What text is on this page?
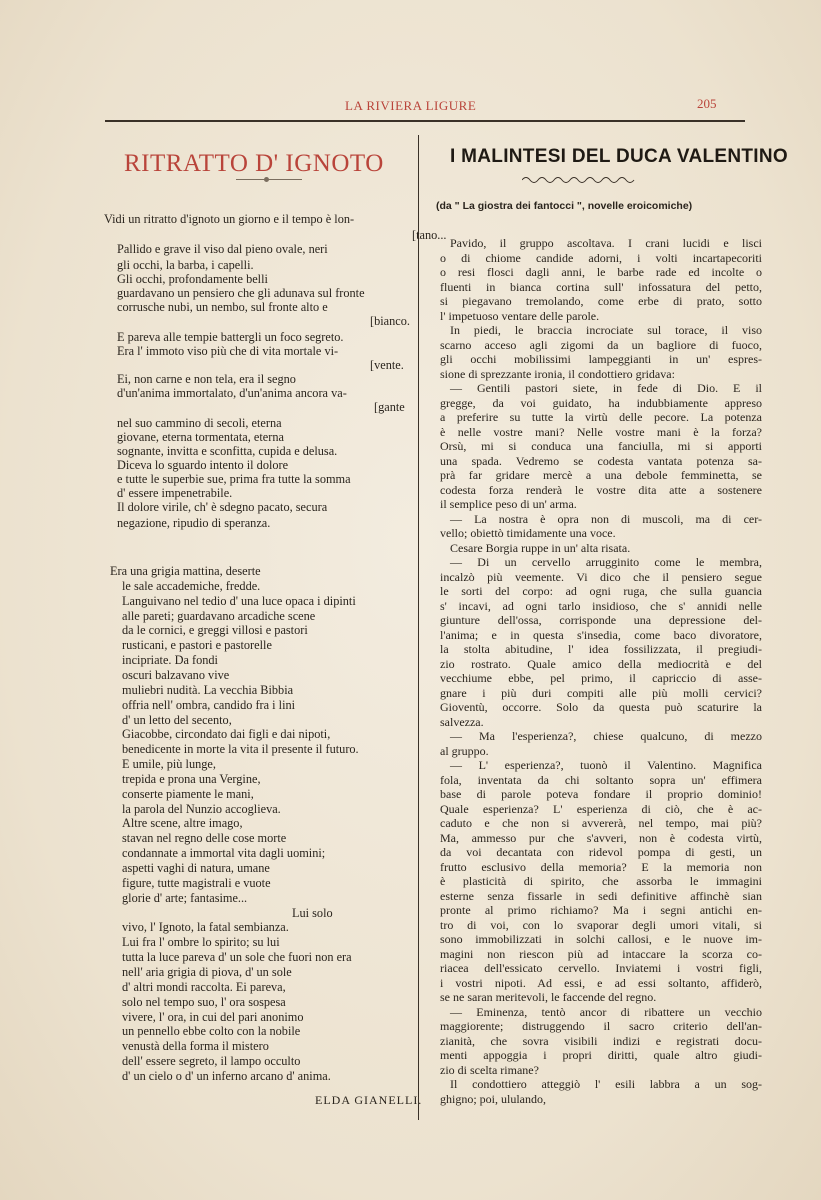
LA RIVIERA LIGURE	205
RITRATTO D' IGNOTO
Vidi un ritratto d'ignoto un giorno e il tempo è lon-
[tano...
Pallido e grave il viso dal pieno ovale, neri
gli occhi, la barba, i capelli.
Gli occhi, profondamente belli
guardavano un pensiero che gli adunava sul fronte
corrusche nubi, un nembo, sul fronte alto e
[bianco.
E pareva alle tempie battergli un foco segreto.
Era l' immoto viso più che di vita mortale vi-
[vente.
Ei, non carne e non tela, era il segno
d'un'anima immortalato, d'un'anima ancora va-
[gante
nel suo cammino di secoli, eterna
giovane, eterna tormentata, eterna
sognante, invitta e sconfitta, cupida e delusa.
Diceva lo sguardo intento il dolore
e tutte le superbie sue, prima fra tutte la somma
d' essere impenetrabile.
Il dolore virile, ch' è sdegno pacato, secura
negazione, ripudio di speranza.
Era una grigia mattina, deserte
le sale accademiche, fredde.
Languivano nel tedio d' una luce opaca i dipinti
alle pareti; guardavano arcadiche scene
da le cornici, e greggi villosi e pastori
rusticani, e pastori e pastorelle
incipriate. Da fondi
oscuri balzavano vive
muliebri nudità. La vecchia Bibbia
offria nell' ombra, candido fra i lini
d' un letto del secento,
Giacobbe, circondato dai figli e dai nipoti,
benedicente in morte la vita il presente il futuro.
E umile, più lunge,
trepida e prona una Vergine,
conserte piamente le mani,
la parola del Nunzio accoglieva.
Altre scene, altre imago,
stavan nel regno delle cose morte
condannate a immortal vita dagli uomini;
aspetti vaghi di natura, umane
figure, tutte magistrali e vuote
glorie d' arte; fantasime...
Lui solo
vivo, l' Ignoto, la fatal sembianza.
Lui fra l' ombre lo spirito; su lui
tutta la luce pareva d' un sole che fuori non era
nell' aria grigia di piova, d' un sole
d' altri mondi raccolta. Ei pareva,
solo nel tempo suo, l' ora sospesa
vivere, l' ora, in cui del pari anonimo
un pennello ebbe colto con la nobile
venustà della forma il mistero
dell' essere segreto, il lampo occulto
d' un cielo o d' un inferno arcano d' anima.
ELDA GIANELLI.
I MALINTESI DEL DUCA VALENTINO
(da " La giostra dei fantocci ", novelle eroicomiche)
Pavido, il gruppo ascoltava. I crani lucidi e lisci
o di chiome candide adorni, i volti incartapecoriti
o resi flosci dagli anni, le barbe rade ed incolte o
fluenti in bianca cortina sull' infossatura del petto,
si piegavano tremolando, come erbe di prato, sotto
l' impetuoso ventare delle parole.
In piedi, le braccia incrociate sul torace, il viso
scarno acceso agli zigomi da un bagliore di fuoco,
gli occhi mobilissimi lampeggianti in un' espres-
sione di sprezzante ironia, il condottiero gridava:
— Gentili pastori siete, in fede di Dio. E il
gregge, da voi guidato, ha indubbiamente appreso
a preferire su tutte la virtù delle pecore. La potenza
è nelle vostre mani? Nelle vostre mani è la forza?
Orsù, mi si conduca una fanciulla, mi si apporti
una spada. Vedremo se codesta vantata potenza sa-
prà far gridare mercè a una debole femminetta, se
codesta forza renderà le vostre dita atte a sostenere
il semplice peso di un' arma.
— La nostra è opra non di muscoli, ma di cer-
vello; obiettò timidamente una voce.
Cesare Borgia ruppe in un' alta risata.
— Di un cervello arrugginito come le membra,
incalzò più veemente. Vi dico che il pensiero segue
le sorti del corpo: ad ogni ruga, che sulla guancia
s' incavi, ad ogni tarlo insidioso, che s' annidi nelle
giunture dell'ossa, corrisponde una depressione del-
l'anima; e in questa s'insedia, come baco divoratore,
la stolta abitudine, l' idea fossilizzata, il pregiudi-
zio rostrato. Quale amico della mediocrità e del
vecchiume ebbe, pel primo, il capriccio di asse-
gnare i più duri compiti alle più molli cervici?
Gioventù, occorre. Solo da questa può scaturire la
salvezza.
— Ma l'esperienza?, chiese qualcuno, di mezzo
al gruppo.
— L' esperienza?, tuonò il Valentino. Magnifica
fola, inventata da chi soltanto sopra un' effimera
base di parole poteva fondare il proprio dominio!
Quale esperienza? L' esperienza di ciò, che è ac-
caduto e che non si avvererà, nel tempo, mai più?
Ma, ammesso pur che s'avveri, non è codesta virtù,
da voi decantata con ridevol pompa di gesti, un
frutto esclusivo della memoria? E la memoria non
è plasticità di spirito, che assorba le immagini
esterne senza fissarle in sedi definitive affinchè sian
pronte al primo richiamo? Ma i segni antichi en-
tro di voi, con lo svaporar degli umori vitali, si
sono immobilizzati in solchi callosi, e le nuove im-
magini non riescon più ad intaccare la scorza co-
riacea dell'essicato cervello. Inviatemi i vostri figli,
i vostri nipoti. Ad essi, e ad essi soltanto, affiderò,
se ne saran meritevoli, le faccende del regno.
— Eminenza, tentò ancor di ribattere un vecchio
maggiorente; distruggendo il sacro criterio dell'an-
zianità, che sovra visibili indizi e registrati docu-
menti appoggia i propri diritti, quale altro giudi-
zio di scelta rimane?
Il condottiero atteggiò l' esili labbra a un sog-
ghigno; poi, ululando,
